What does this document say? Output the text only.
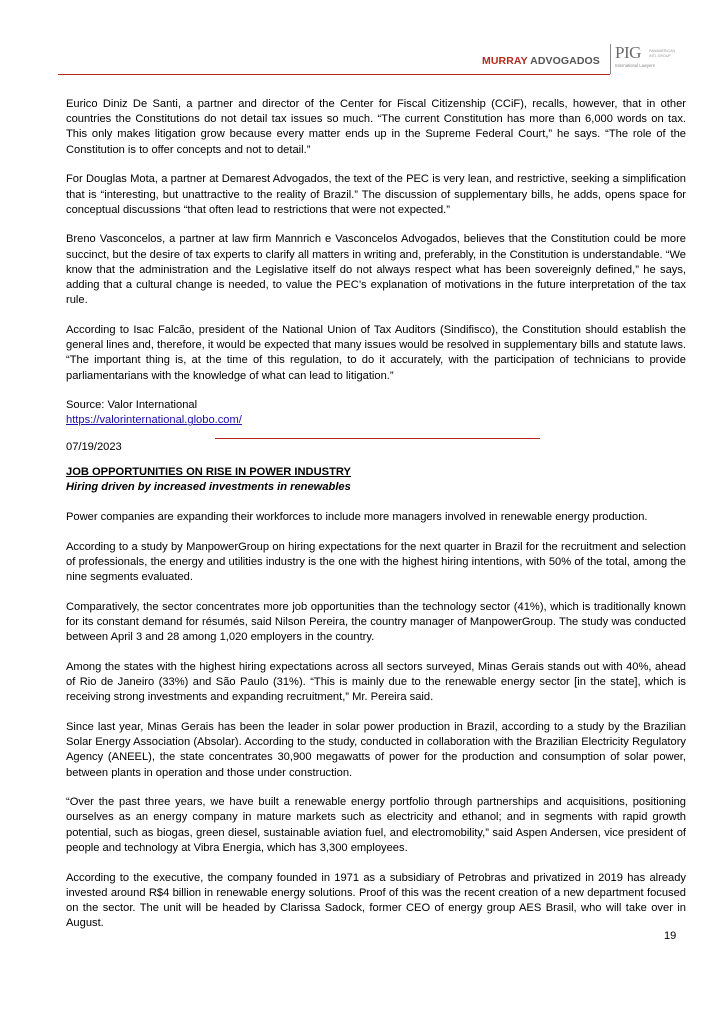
MURRAY ADVOGADOS PIG PANAMERICAN
INTL GROUP
International Lawyers

Eurico Diniz De Santi, a partner and director of the Center for Fiscal Citizenship (CCiF), recalls, however, that in other countries the Constitutions do not detail tax issues so much. “The current Constitution has more than 6,000 words on tax. This only makes litigation grow because every matter ends up in the Supreme Federal Court,” he says. “The role of the Constitution is to offer concepts and not to detail.”

For Douglas Mota, a partner at Demarest Advogados, the text of the PEC is very lean, and restrictive, seeking a simplification that is “interesting, but unattractive to the reality of Brazil.” The discussion of supplementary bills, he adds, opens space for conceptual discussions “that often lead to restrictions that were not expected.”

Breno Vasconcelos, a partner at law firm Mannrich e Vasconcelos Advogados, believes that the Constitution could be more succinct, but the desire of tax experts to clarify all matters in writing and, preferably, in the Constitution is understandable. “We know that the administration and the Legislative itself do not always respect what has been sovereignly defined,” he says, adding that a cultural change is needed, to value the PEC’s explanation of motivations in the future interpretation of the tax rule.

According to Isac Falcão, president of the National Union of Tax Auditors (Sindifisco), the Constitution should establish the general lines and, therefore, it would be expected that many issues would be resolved in supplementary bills and statute laws. “The important thing is, at the time of this regulation, to do it accurately, with the participation of technicians to provide parliamentarians with the knowledge of what can lead to litigation.”

Source: Valor International

https://valorinternational.globo.com/

07/19/2023
JOB OPPORTUNITIES ON RISE IN POWER INDUSTRY
Hiring driven by increased investments in renewables

Power companies are expanding their workforces to include more managers involved in renewable energy production.

According to a study by ManpowerGroup on hiring expectations for the next quarter in Brazil for the recruitment and selection of professionals, the energy and utilities industry is the one with the highest hiring intentions, with 50% of the total, among the nine segments evaluated.

Comparatively, the sector concentrates more job opportunities than the technology sector (41%), which is traditionally known for its constant demand for résumés, said Nilson Pereira, the country manager of ManpowerGroup. The study was conducted between April 3 and 28 among 1,020 employers in the country.

Among the states with the highest hiring expectations across all sectors surveyed, Minas Gerais stands out with 40%, ahead of Rio de Janeiro (33%) and São Paulo (31%). “This is mainly due to the renewable energy sector [in the state], which is receiving strong investments and expanding recruitment,” Mr. Pereira said.

Since last year, Minas Gerais has been the leader in solar power production in Brazil, according to a study by the Brazilian Solar Energy Association (Absolar). According to the study, conducted in collaboration with the Brazilian Electricity Regulatory Agency (ANEEL), the state concentrates 30,900 megawatts of power for the production and consumption of solar power, between plants in operation and those under construction.

“Over the past three years, we have built a renewable energy portfolio through partnerships and acquisitions, positioning ourselves as an energy company in mature markets such as electricity and ethanol; and in segments with rapid growth potential, such as biogas, green diesel, sustainable aviation fuel, and electromobility,” said Aspen Andersen, vice president of people and technology at Vibra Energia, which has 3,300 employees.

According to the executive, the company founded in 1971 as a subsidiary of Petrobras and privatized in 2019 has already invested around R$4 billion in renewable energy solutions. Proof of this was the recent creation of a new department focused on the sector. The unit will be headed by Clarissa Sadock, former CEO of energy group AES Brasil, who will take over in August.

19
